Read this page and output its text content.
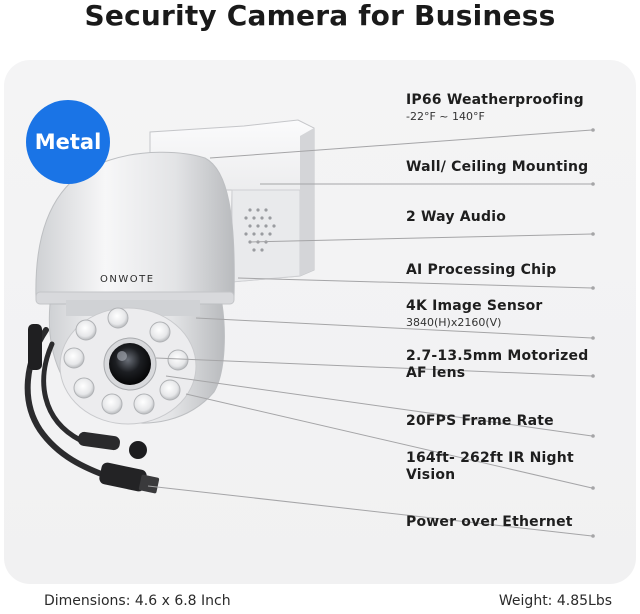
Security Camera for Business
Metal
ONWOTE
IP66 Weatherproofing
-22°F ~ 140°F
Wall/ Ceiling Mounting
2 Way Audio
AI Processing Chip
4K Image Sensor
3840(H)x2160(V)
2.7-13.5mm Motorized AF lens
20FPS Frame Rate
164ft- 262ft IR Night Vision
Power over Ethernet
Dimensions: 4.6 x 6.8 Inch	Weight: 4.85Lbs
